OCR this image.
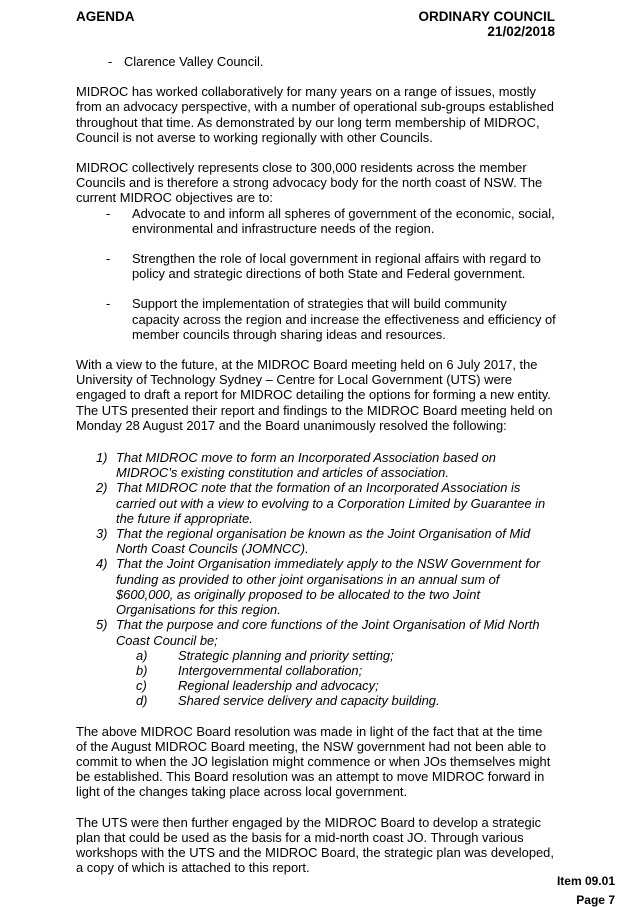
AGENDA	ORDINARY COUNCIL
21/02/2018
- Clarence Valley Council.

MIDROC has worked collaboratively for many years on a range of issues, mostly from an advocacy perspective, with a number of operational sub-groups established throughout that time. As demonstrated by our long term membership of MIDROC, Council is not averse to working regionally with other Councils.

MIDROC collectively represents close to 300,000 residents across the member Councils and is therefore a strong advocacy body for the north coast of NSW. The current MIDROC objectives are to:

-	Advocate to and inform all spheres of government of the economic, social, environmental and infrastructure needs of the region.
-	Strengthen the role of local government in regional affairs with regard to policy and strategic directions of both State and Federal government.
-	Support the implementation of strategies that will build community capacity across the region and increase the effectiveness and efficiency of member councils through sharing ideas and resources.

With a view to the future, at the MIDROC Board meeting held on 6 July 2017, the University of Technology Sydney – Centre for Local Government (UTS) were engaged to draft a report for MIDROC detailing the options for forming a new entity. The UTS presented their report and findings to the MIDROC Board meeting held on Monday 28 August 2017 and the Board unanimously resolved the following:

1) That MIDROC move to form an Incorporated Association based on MIDROC’s existing constitution and articles of association.
2) That MIDROC note that the formation of an Incorporated Association is carried out with a view to evolving to a Corporation Limited by Guarantee in the future if appropriate.
3) That the regional organisation be known as the Joint Organisation of Mid North Coast Councils (JOMNCC).
4) That the Joint Organisation immediately apply to the NSW Government for funding as provided to other joint organisations in an annual sum of $600,000, as originally proposed to be allocated to the two Joint Organisations for this region.
5) That the purpose and core functions of the Joint Organisation of Mid North Coast Council be;
a)	Strategic planning and priority setting;
b)	Intergovernmental collaboration;
c)	Regional leadership and advocacy;
d)	Shared service delivery and capacity building.

The above MIDROC Board resolution was made in light of the fact that at the time of the August MIDROC Board meeting, the NSW government had not been able to commit to when the JO legislation might commence or when JOs themselves might be established. This Board resolution was an attempt to move MIDROC forward in light of the changes taking place across local government.

The UTS were then further engaged by the MIDROC Board to develop a strategic plan that could be used as the basis for a mid-north coast JO. Through various workshops with the UTS and the MIDROC Board, the strategic plan was developed, a copy of which is attached to this report.

Item 09.01
Page 7
